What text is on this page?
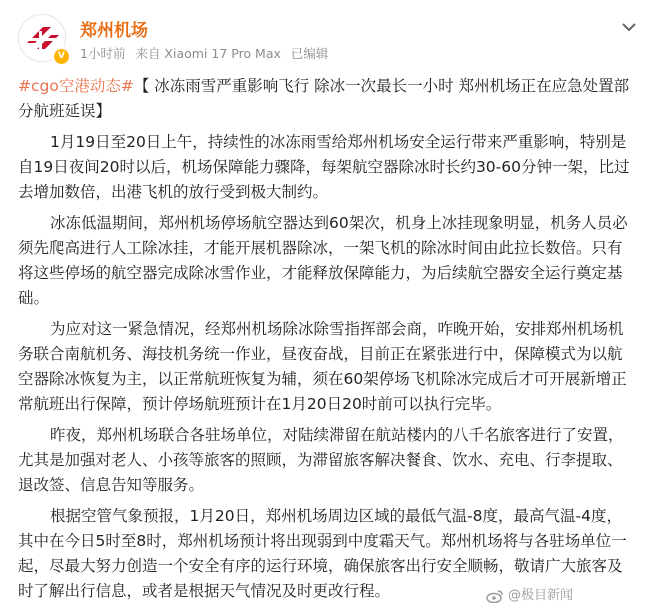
V
郑州机场
1小时前 来自 Xiaomi 17 Pro Max 已编辑

#cgo空港动态#【 冰冻雨雪严重影响飞行 除冰一次最长一小时 郑州机场正在应急处置部分航班延误】

1月19日至20日上午，持续性的冰冻雨雪给郑州机场安全运行带来严重影响，特别是自19日夜间20时以后，机场保障能力骤降，每架航空器除冰时长约30-60分钟一架，比过去增加数倍，出港飞机的放行受到极大制约。

冰冻低温期间，郑州机场停场航空器达到60架次，机身上冰挂现象明显，机务人员必须先爬高进行人工除冰挂，才能开展机器除冰，一架飞机的除冰时间由此拉长数倍。只有将这些停场的航空器完成除冰雪作业，才能释放保障能力，为后续航空器安全运行奠定基础。

为应对这一紧急情况，经郑州机场除冰除雪指挥部会商，咋晚开始，安排郑州机场机务联合南航机务、海技机务统一作业，昼夜奋战，目前正在紧张进行中，保障模式为以航空器除冰恢复为主，以正常航班恢复为辅，须在60架停场飞机除冰完成后才可开展新增正常航班出行保障，预计停场航班预计在1月20日20时前可以执行完毕。

昨夜，郑州机场联合各驻场单位，对陆续滞留在航站楼内的八千名旅客进行了安置，尤其是加强对老人、小孩等旅客的照顾，为滞留旅客解决餐食、饮水、充电、行李提取、退改签、信息告知等服务。

根据空管气象预报，1月20日，郑州机场周边区域的最低气温-8度，最高气温-4度，其中在今日5时至8时，郑州机场预计将出现弱到中度霜天气。郑州机场将与各驻场单位一起，尽最大努力创造一个安全有序的运行环境，确保旅客出行安全顺畅，敬请广大旅客及时了解出行信息，或者是根据天气情况及时更改行程。	@极目新闻
